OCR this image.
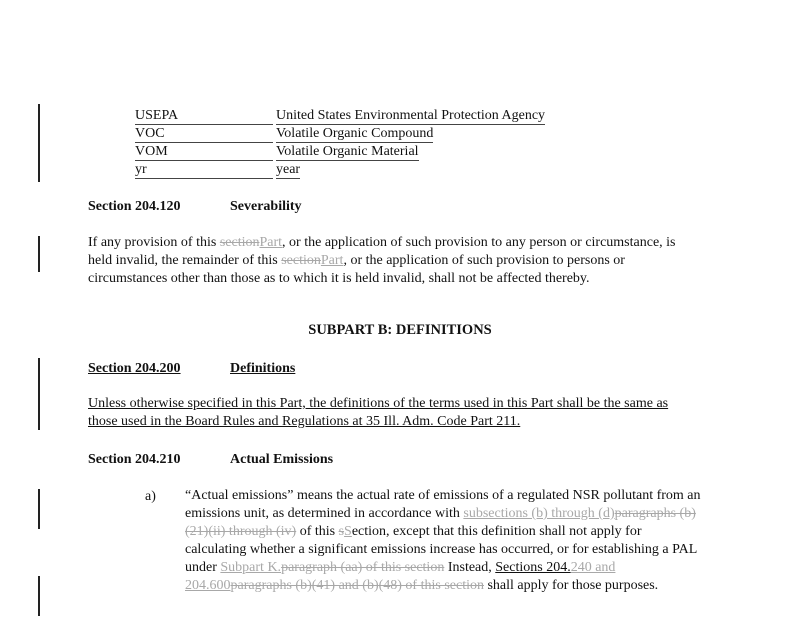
USEPA	United States Environmental Protection Agency
VOC	Volatile Organic Compound
VOM	Volatile Organic Material
yr	year
Section 204.120	Severability
If any provision of this sectionPart, or the application of such provision to any person or circumstance, is held invalid, the remainder of this sectionPart, or the application of such provision to persons or circumstances other than those as to which it is held invalid, shall not be affected thereby.
SUBPART B: DEFINITIONS
Section 204.200	Definitions
Unless otherwise specified in this Part, the definitions of the terms used in this Part shall be the same as those used in the Board Rules and Regulations at 35 Ill. Adm. Code Part 211.
Section 204.210	Actual Emissions
a) “Actual emissions” means the actual rate of emissions of a regulated NSR pollutant from an emissions unit, as determined in accordance with subsections (b) through (d)paragraphs (b)(21)(ii) through (iv) of this sSection, except that this definition shall not apply for calculating whether a significant emissions increase has occurred, or for establishing a PAL under Subpart K.paragraph (aa) of this section Instead, Sections 204.240 and 204.600paragraphs (b)(41) and (b)(48) of this section shall apply for those purposes.
